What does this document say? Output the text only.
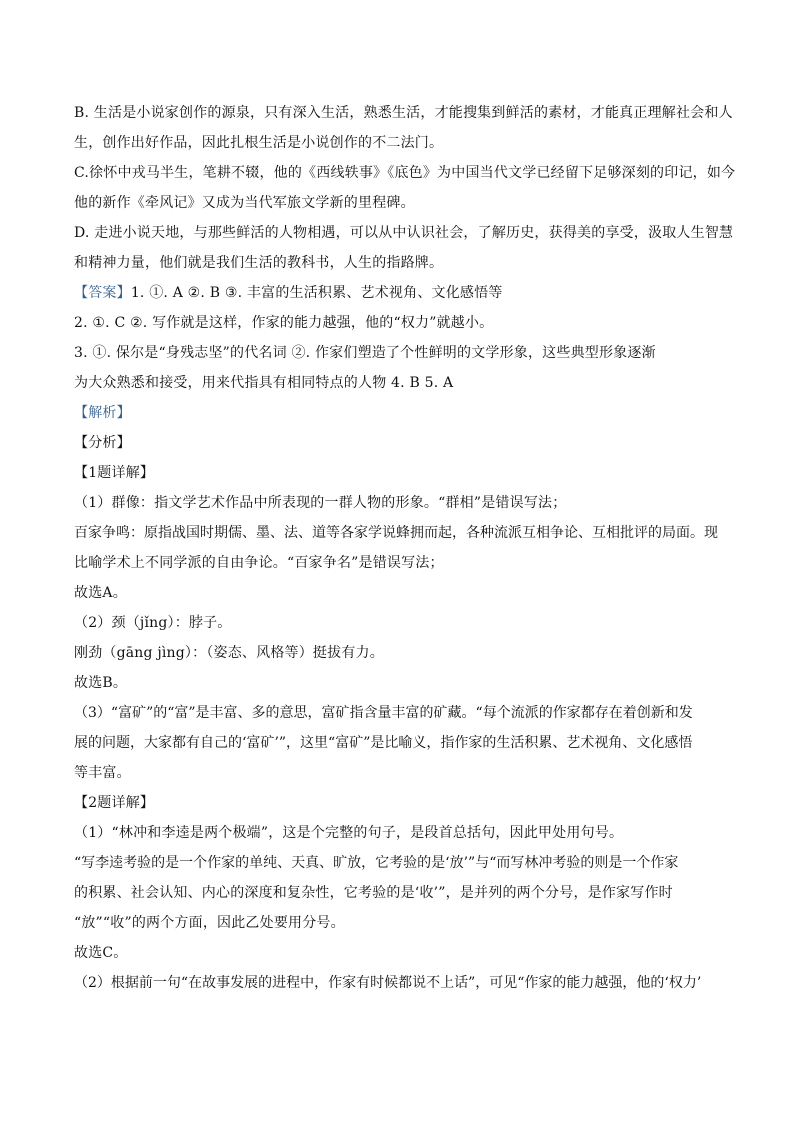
B. 生活是小说家创作的源泉，只有深入生活，熟悉生活，才能搜集到鲜活的素材，才能真正理解社会和人
生，创作出好作品，因此扎根生活是小说创作的不二法门。
C.徐怀中戎马半生，笔耕不辍，他的《西线轶事》《底色》为中国当代文学已经留下足够深刻的印记，如今
他的新作《牵风记》又成为当代军旅文学新的里程碑。
D. 走进小说天地，与那些鲜活的人物相遇，可以从中认识社会，了解历史，获得美的享受，汲取人生智慧
和精神力量，他们就是我们生活的教科书，人生的指路牌。
【答案】1. ①. A ②. B ③. 丰富的生活积累、艺术视角、文化感悟等
2. ①. C ②. 写作就是这样，作家的能力越强，他的“权力”就越小。
3. ①. 保尔是“身残志坚”的代名词 ②. 作家们塑造了个性鲜明的文学形象，这些典型形象逐渐
为大众熟悉和接受，用来代指具有相同特点的人物 4. B 5. A
【解析】
【分析】
【1题详解】
（1）群像：指文学艺术作品中所表现的一群人物的形象。“群相”是错误写法；
百家争鸣：原指战国时期儒、墨、法、道等各家学说蜂拥而起，各种流派互相争论、互相批评的局面。现
比喻学术上不同学派的自由争论。“百家争名”是错误写法；
故选A。
（2）颈（jǐng）：脖子。
刚劲（gāng jìng）：（姿态、风格等）挺拔有力。
故选B。
（3）“富矿”的“富”是丰富、多的意思，富矿指含量丰富的矿藏。“每个流派的作家都存在着创新和发
展的问题，大家都有自己的‘富矿’”，这里“富矿”是比喻义，指作家的生活积累、艺术视角、文化感悟
等丰富。
【2题详解】
（1）“林冲和李逵是两个极端”，这是个完整的句子，是段首总括句，因此甲处用句号。
“写李逵考验的是一个作家的单纯、天真、旷放，它考验的是‘放’”与“而写林冲考验的则是一个作家
的积累、社会认知、内心的深度和复杂性，它考验的是‘收’”，是并列的两个分号，是作家写作时
“放”“收”的两个方面，因此乙处要用分号。
故选C。
（2）根据前一句“在故事发展的进程中，作家有时候都说不上话”，可见“作家的能力越强，他的‘权力’
